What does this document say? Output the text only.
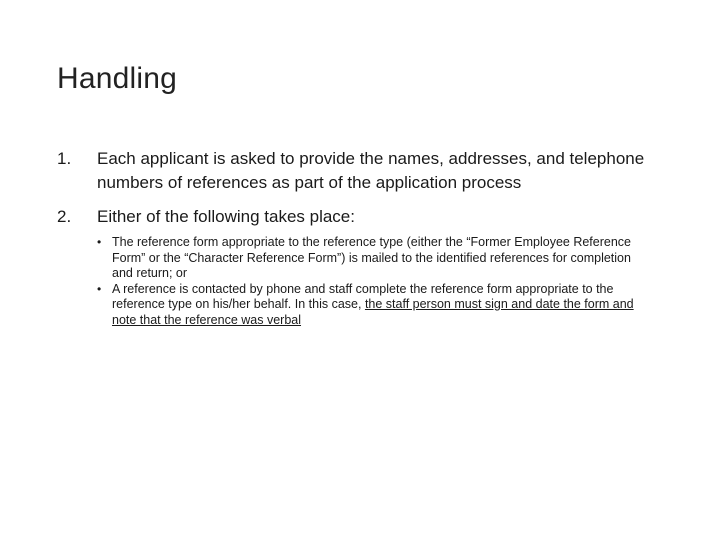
Handling
1.	Each applicant is asked to provide the names, addresses, and telephone numbers of references as part of the application process
2.	Either of the following takes place:
• The reference form appropriate to the reference type (either the “Former Employee Reference Form” or the “Character Reference Form”) is mailed to the identified references for completion and return; or
• A reference is contacted by phone and staff complete the reference form appropriate to the reference type on his/her behalf. In this case, the staff person must sign and date the form and note that the reference was verbal
